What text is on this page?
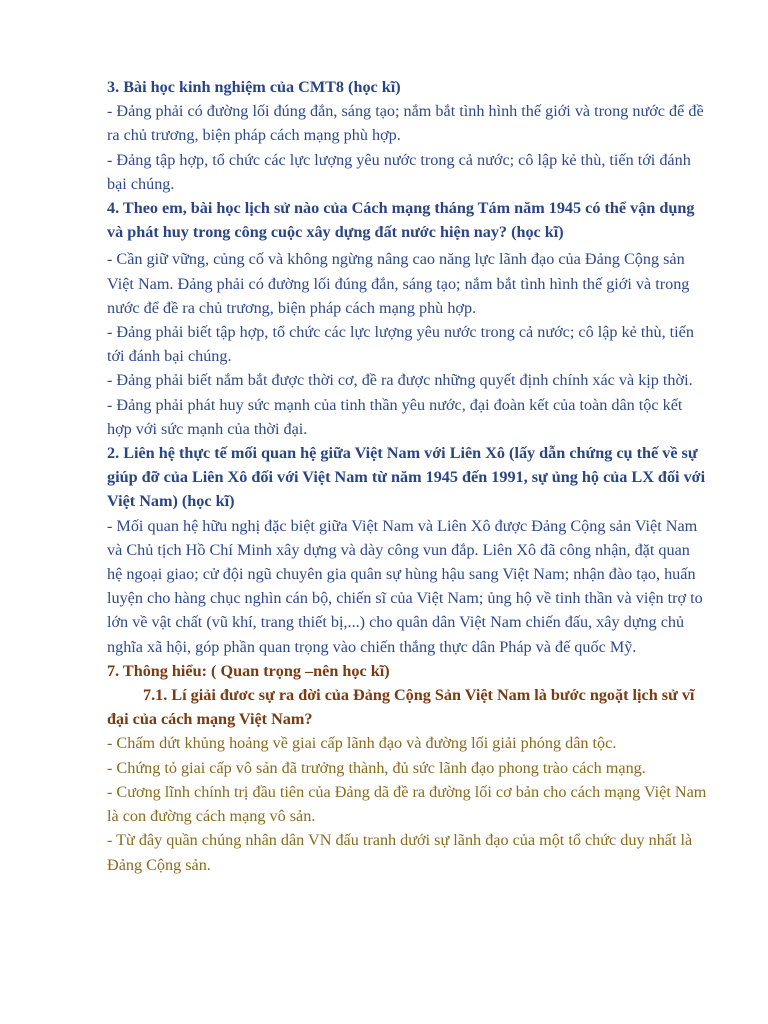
3. Bài học kinh nghiệm của CMT8 (học kĩ)

- Đảng phải có đường lối đúng đắn, sáng tạo; nắm bắt tình hình thế giới và trong nước để đề ra chủ trương, biện pháp cách mạng phù hợp.

- Đảng tập hợp, tổ chức các lực lượng yêu nước trong cả nước; cô lập kẻ thù, tiến tới đánh bại chúng.

4. Theo em, bài học lịch sử nào của Cách mạng tháng Tám năm 1945 có thể vận dụng và phát huy trong công cuộc xây dựng đất nước hiện nay? (học kĩ)

- Cần giữ vững, củng cố và không ngừng nâng cao năng lực lãnh đạo của Đảng Cộng sản Việt Nam. Đảng phải có đường lối đúng đắn, sáng tạo; nắm bắt tình hình thế giới và trong nước để đề ra chủ trương, biện pháp cách mạng phù hợp.

- Đảng phải biết tập hợp, tổ chức các lực lượng yêu nước trong cả nước; cô lập kẻ thù, tiến tới đánh bại chúng.

- Đảng phải biết nắm bắt được thời cơ, đề ra được những quyết định chính xác và kịp thời.

- Đảng phải phát huy sức mạnh của tinh thần yêu nước, đại đoàn kết của toàn dân tộc kết hợp với sức mạnh của thời đại.

2. Liên hệ thực tế mối quan hệ giữa Việt Nam với Liên Xô (lấy dẫn chứng cụ thế về sự giúp đỡ của Liên Xô đối với Việt Nam từ năm 1945 đến 1991, sự ủng hộ của LX đối với Việt Nam) (học kĩ)

- Mối quan hệ hữu nghị đặc biệt giữa Việt Nam và Liên Xô được Đảng Cộng sản Việt Nam và Chủ tịch Hồ Chí Minh xây dựng và dày công vun đắp. Liên Xô đã công nhận, đặt quan hệ ngoại giao; cử đội ngũ chuyên gia quân sự hùng hậu sang Việt Nam; nhận đào tạo, huấn luyện cho hàng chục nghìn cán bộ, chiến sĩ của Việt Nam; ủng hộ về tinh thần và viện trợ to lớn về vật chất (vũ khí, trang thiết bị,...) cho quân dân Việt Nam chiến đấu, xây dựng chủ nghĩa xã hội, góp phần quan trọng vào chiến thắng thực dân Pháp và đế quốc Mỹ.

7. Thông hiểu: ( Quan trọng –nên học kĩ)

7.1. Lí giải đươc sự ra đời của Đảng Cộng Sản Việt Nam là bước ngoặt lịch sử vĩ đại của cách mạng Việt Nam?

- Chấm dứt khủng hoảng về giai cấp lãnh đạo và đường lối giải phóng dân tộc.

- Chứng tỏ giai cấp vô sản đã trưởng thành, đủ sức lãnh đạo phong trào cách mạng.

- Cương lĩnh chính trị đầu tiên của Đảng dã đề ra đường lối cơ bản cho cách mạng Việt Nam là con đường cách mạng vô sản.

- Từ đây quần chúng nhân dân VN đấu tranh dưới sự lãnh đạo của một tổ chức duy nhất là Đảng Cộng sản.
